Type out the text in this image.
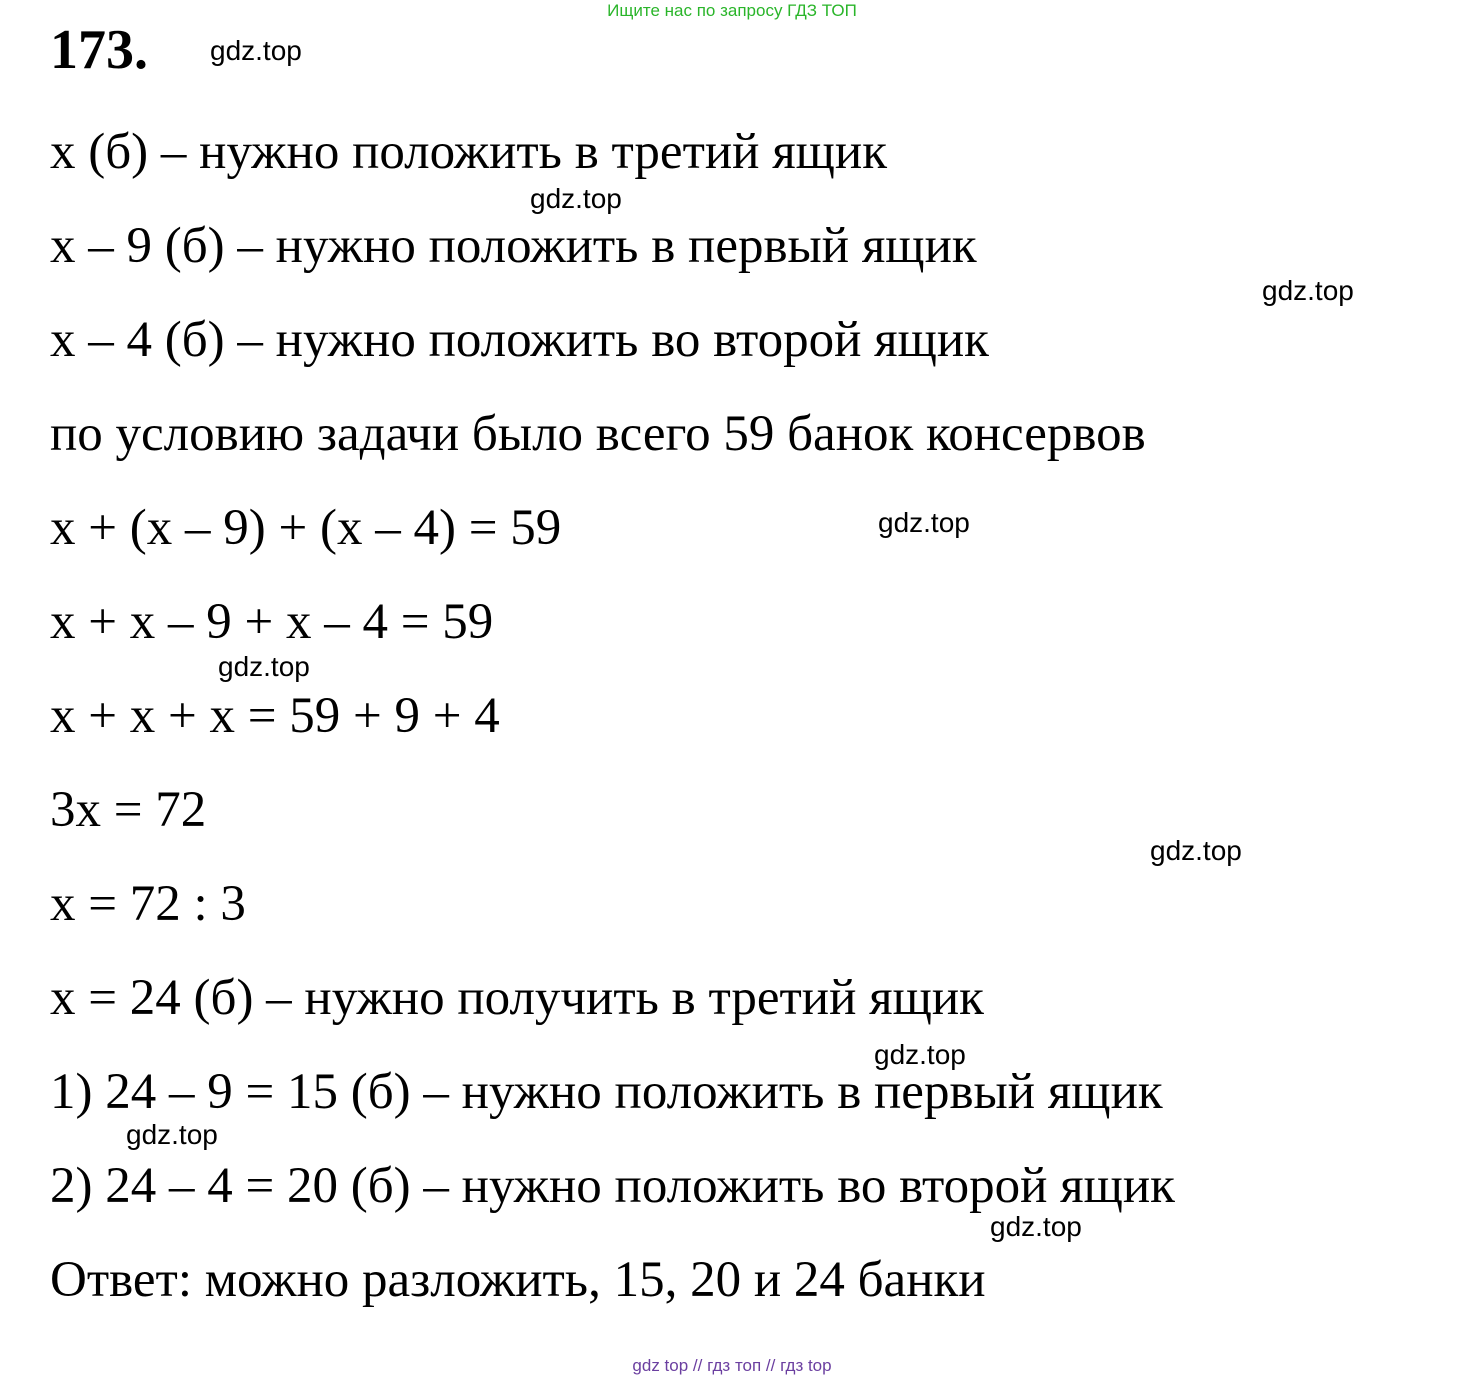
Ищите нас по запросу ГДЗ ТОП
173. gdz.top
х (б) – нужно положить в третий ящик
gdz.top
х – 9 (б) – нужно положить в первый ящик
gdz.top
х – 4 (б) – нужно положить во второй ящик
по условию задачи было всего 59 банок консервов
х + (х – 9) + (х – 4) = 59	gdz.top
х + х – 9 + х – 4 = 59
gdz.top
х + х + х = 59 + 9 + 4
3х = 72
gdz.top
х = 72 : 3
х = 24 (б) – нужно получить в третий ящик
gdz.top
1) 24 – 9 = 15 (б) – нужно положить в первый ящик
gdz.top
2) 24 – 4 = 20 (б) – нужно положить во второй ящик
gdz.top
Ответ: можно разложить, 15, 20 и 24 банки
gdz top // гдз топ // гдз top
